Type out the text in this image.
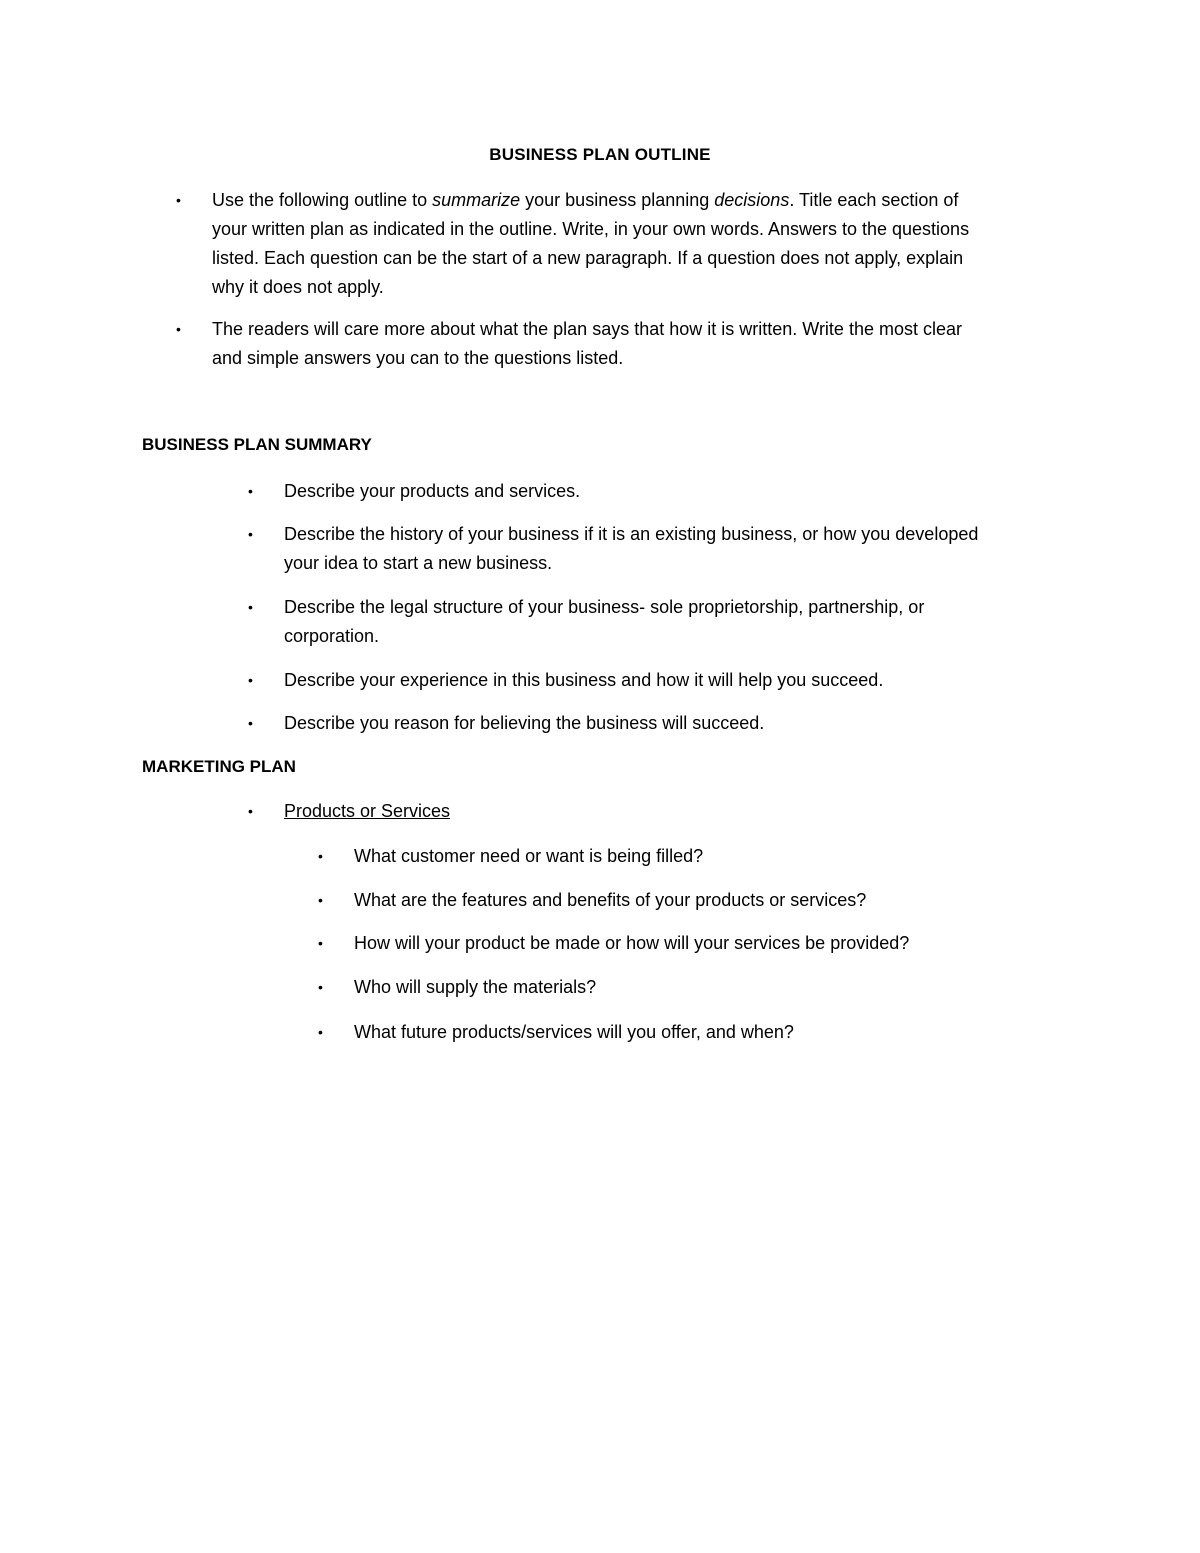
BUSINESS PLAN OUTLINE
• Use the following outline to summarize your business planning decisions. Title each section of
your written plan as indicated in the outline. Write, in your own words. Answers to the questions
listed. Each question can be the start of a new paragraph. If a question does not apply, explain
why it does not apply.
• The readers will care more about what the plan says that how it is written. Write the most clear
and simple answers you can to the questions listed.
BUSINESS PLAN SUMMARY
• Describe your products and services.
• Describe the history of your business if it is an existing business, or how you developed
your idea to start a new business.
• Describe the legal structure of your business- sole proprietorship, partnership, or
corporation.
• Describe your experience in this business and how it will help you succeed.
• Describe you reason for believing the business will succeed.
MARKETING PLAN
• Products or Services
• What customer need or want is being filled?
• What are the features and benefits of your products or services?
• How will your product be made or how will your services be provided?
• Who will supply the materials?
• What future products/services will you offer, and when?
